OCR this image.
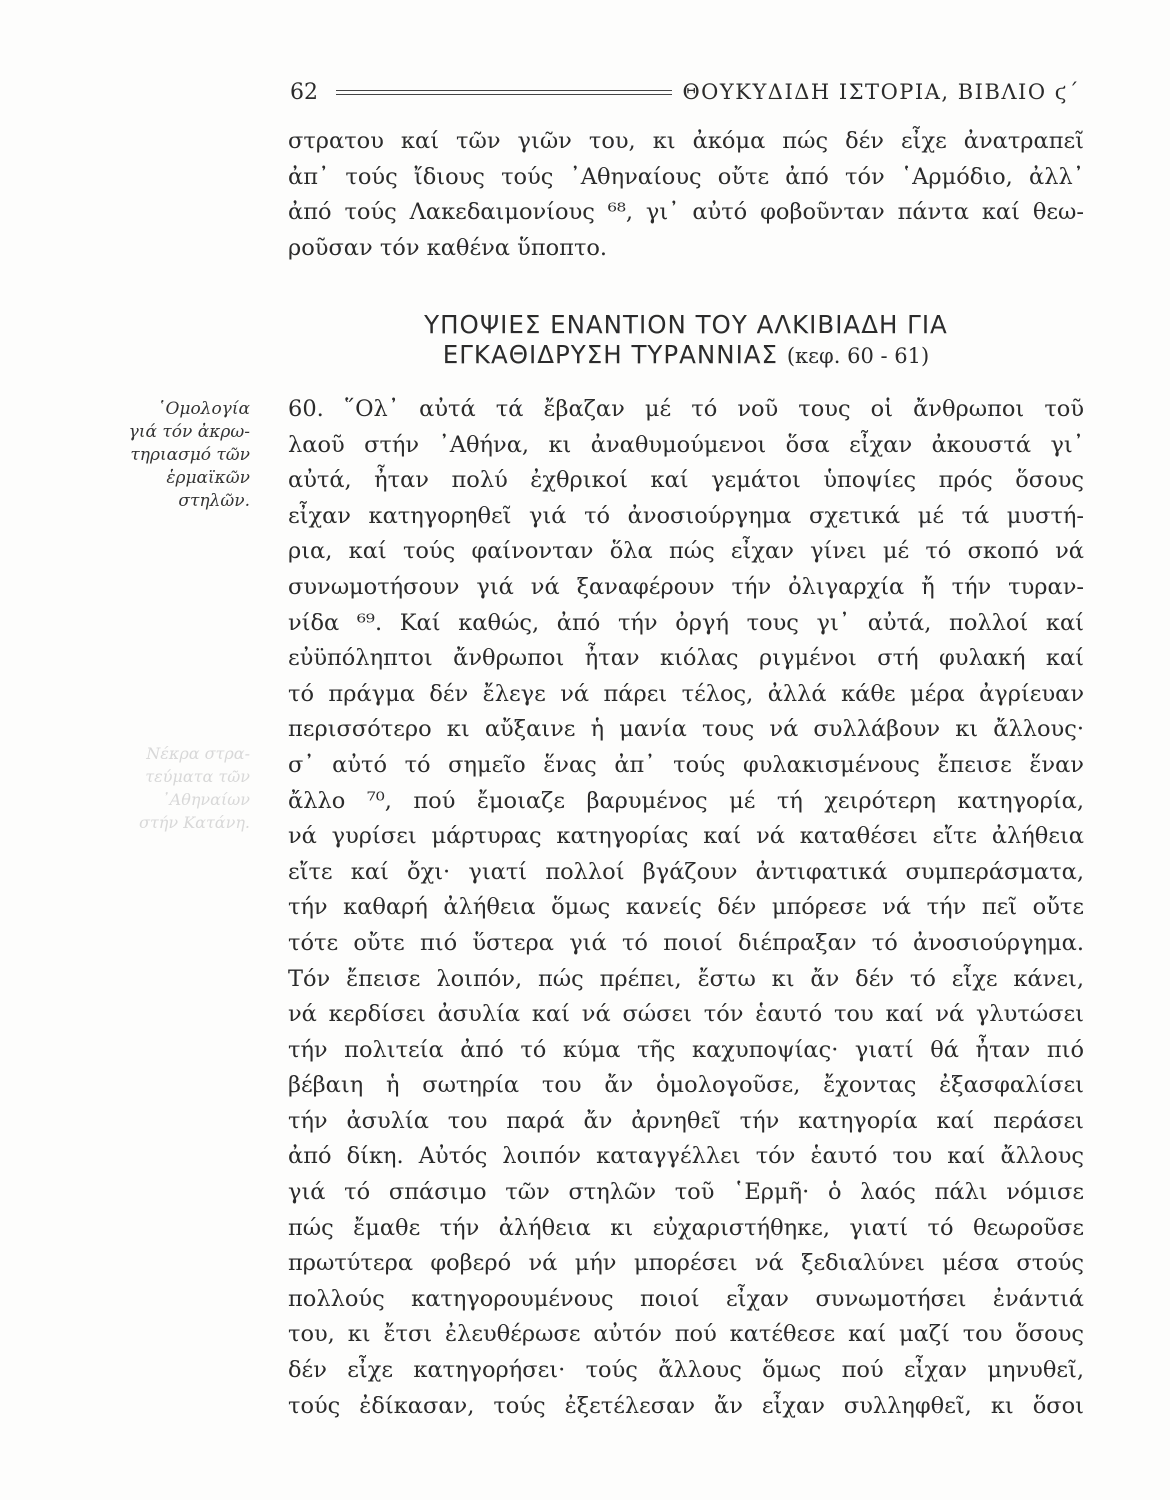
62	ΘΟΥΚΥΔΙΔΗ ΙΣΤΟΡΙΑ, ΒΙΒΛΙΟ ϛ΄
στρατου καί τῶν γιῶν του, κι ἀκόμα πώς δέν εἶχε ἀνατραπεῖ
ἀπ᾿ τούς ἴδιους τούς ᾿Αθηναίους οὔτε ἀπό τόν ῾Αρμόδιο, ἀλλ᾿
ἀπό τούς Λακεδαιμονίους ⁶⁸, γι᾿ αὐτό φοβοῦνταν πάντα καί θεω-
ροῦσαν τόν καθένα ὕποπτο.
ΥΠΟΨΙΕΣ ΕΝΑΝΤΙΟΝ ΤΟΥ ΑΛΚΙΒΙΑΔΗ ΓΙΑ
ΕΓΚΑΘΙΔΡΥΣΗ ΤΥΡΑΝΝΙΑΣ (κεφ. 60 - 61)
῾Ομολογία
γιά τόν ἀκρω-
τηριασμό τῶν
ἑρμαϊκῶν
στηλῶν.
Νέκρα στρα-
τεύματα τῶν
᾿Αθηναίων
στήν Κατάνη.
60. ῞Ολ᾿ αὐτά τά ἔβαζαν μέ τό νοῦ τους οἱ ἄνθρωποι τοῦ
λαοῦ στήν ᾿Αθήνα, κι ἀναθυμούμενοι ὅσα εἶχαν ἀκουστά γι᾿
αὐτά, ἦταν πολύ ἐχθρικοί καί γεμάτοι ὑποψίες πρός ὅσους
εἶχαν κατηγορηθεῖ γιά τό ἀνοσιούργημα σχετικά μέ τά μυστή-
ρια, καί τούς φαίνονταν ὅλα πώς εἶχαν γίνει μέ τό σκοπό νά
συνωμοτήσουν γιά νά ξαναφέρουν τήν ὀλιγαρχία ἤ τήν τυραν-
νίδα ⁶⁹. Καί καθώς, ἀπό τήν ὀργή τους γι᾿ αὐτά, πολλοί καί
εὐϋπόληπτοι ἄνθρωποι ἦταν κιόλας ριγμένοι στή φυλακή καί
τό πράγμα δέν ἔλεγε νά πάρει τέλος, ἀλλά κάθε μέρα ἀγρίευαν
περισσότερο κι αὔξαινε ἡ μανία τους νά συλλάβουν κι ἄλλους·
σ᾿ αὐτό τό σημεῖο ἕνας ἀπ᾿ τούς φυλακισμένους ἔπεισε ἕναν
ἄλλο ⁷⁰, πού ἔμοιαζε βαρυμένος μέ τή χειρότερη κατηγορία,
νά γυρίσει μάρτυρας κατηγορίας καί νά καταθέσει εἴτε ἀλήθεια
εἴτε καί ὄχι· γιατί πολλοί βγάζουν ἀντιφατικά συμπεράσματα,
τήν καθαρή ἀλήθεια ὅμως κανείς δέν μπόρεσε νά τήν πεῖ οὔτε
τότε οὔτε πιό ὕστερα γιά τό ποιοί διέπραξαν τό ἀνοσιούργημα.
Τόν ἔπεισε λοιπόν, πώς πρέπει, ἔστω κι ἄν δέν τό εἶχε κάνει,
νά κερδίσει ἀσυλία καί νά σώσει τόν ἑαυτό του καί νά γλυτώσει
τήν πολιτεία ἀπό τό κύμα τῆς καχυποψίας· γιατί θά ἦταν πιό
βέβαιη ἡ σωτηρία του ἄν ὁμολογοῦσε, ἔχοντας ἐξασφαλίσει
τήν ἀσυλία του παρά ἄν ἀρνηθεῖ τήν κατηγορία καί περάσει
ἀπό δίκη. Αὐτός λοιπόν καταγγέλλει τόν ἑαυτό του καί ἄλλους
γιά τό σπάσιμο τῶν στηλῶν τοῦ ῾Ερμῆ· ὁ λαός πάλι νόμισε
πώς ἔμαθε τήν ἀλήθεια κι εὐχαριστήθηκε, γιατί τό θεωροῦσε
πρωτύτερα φοβερό νά μήν μπορέσει νά ξεδιαλύνει μέσα στούς
πολλούς κατηγορουμένους ποιοί εἶχαν συνωμοτήσει ἐνάντιά
του, κι ἔτσι ἐλευθέρωσε αὐτόν πού κατέθεσε καί μαζί του ὅσους
δέν εἶχε κατηγορήσει· τούς ἄλλους ὅμως πού εἶχαν μηνυθεῖ,
τούς ἐδίκασαν, τούς ἐξετέλεσαν ἄν εἶχαν συλληφθεῖ, κι ὅσοι
